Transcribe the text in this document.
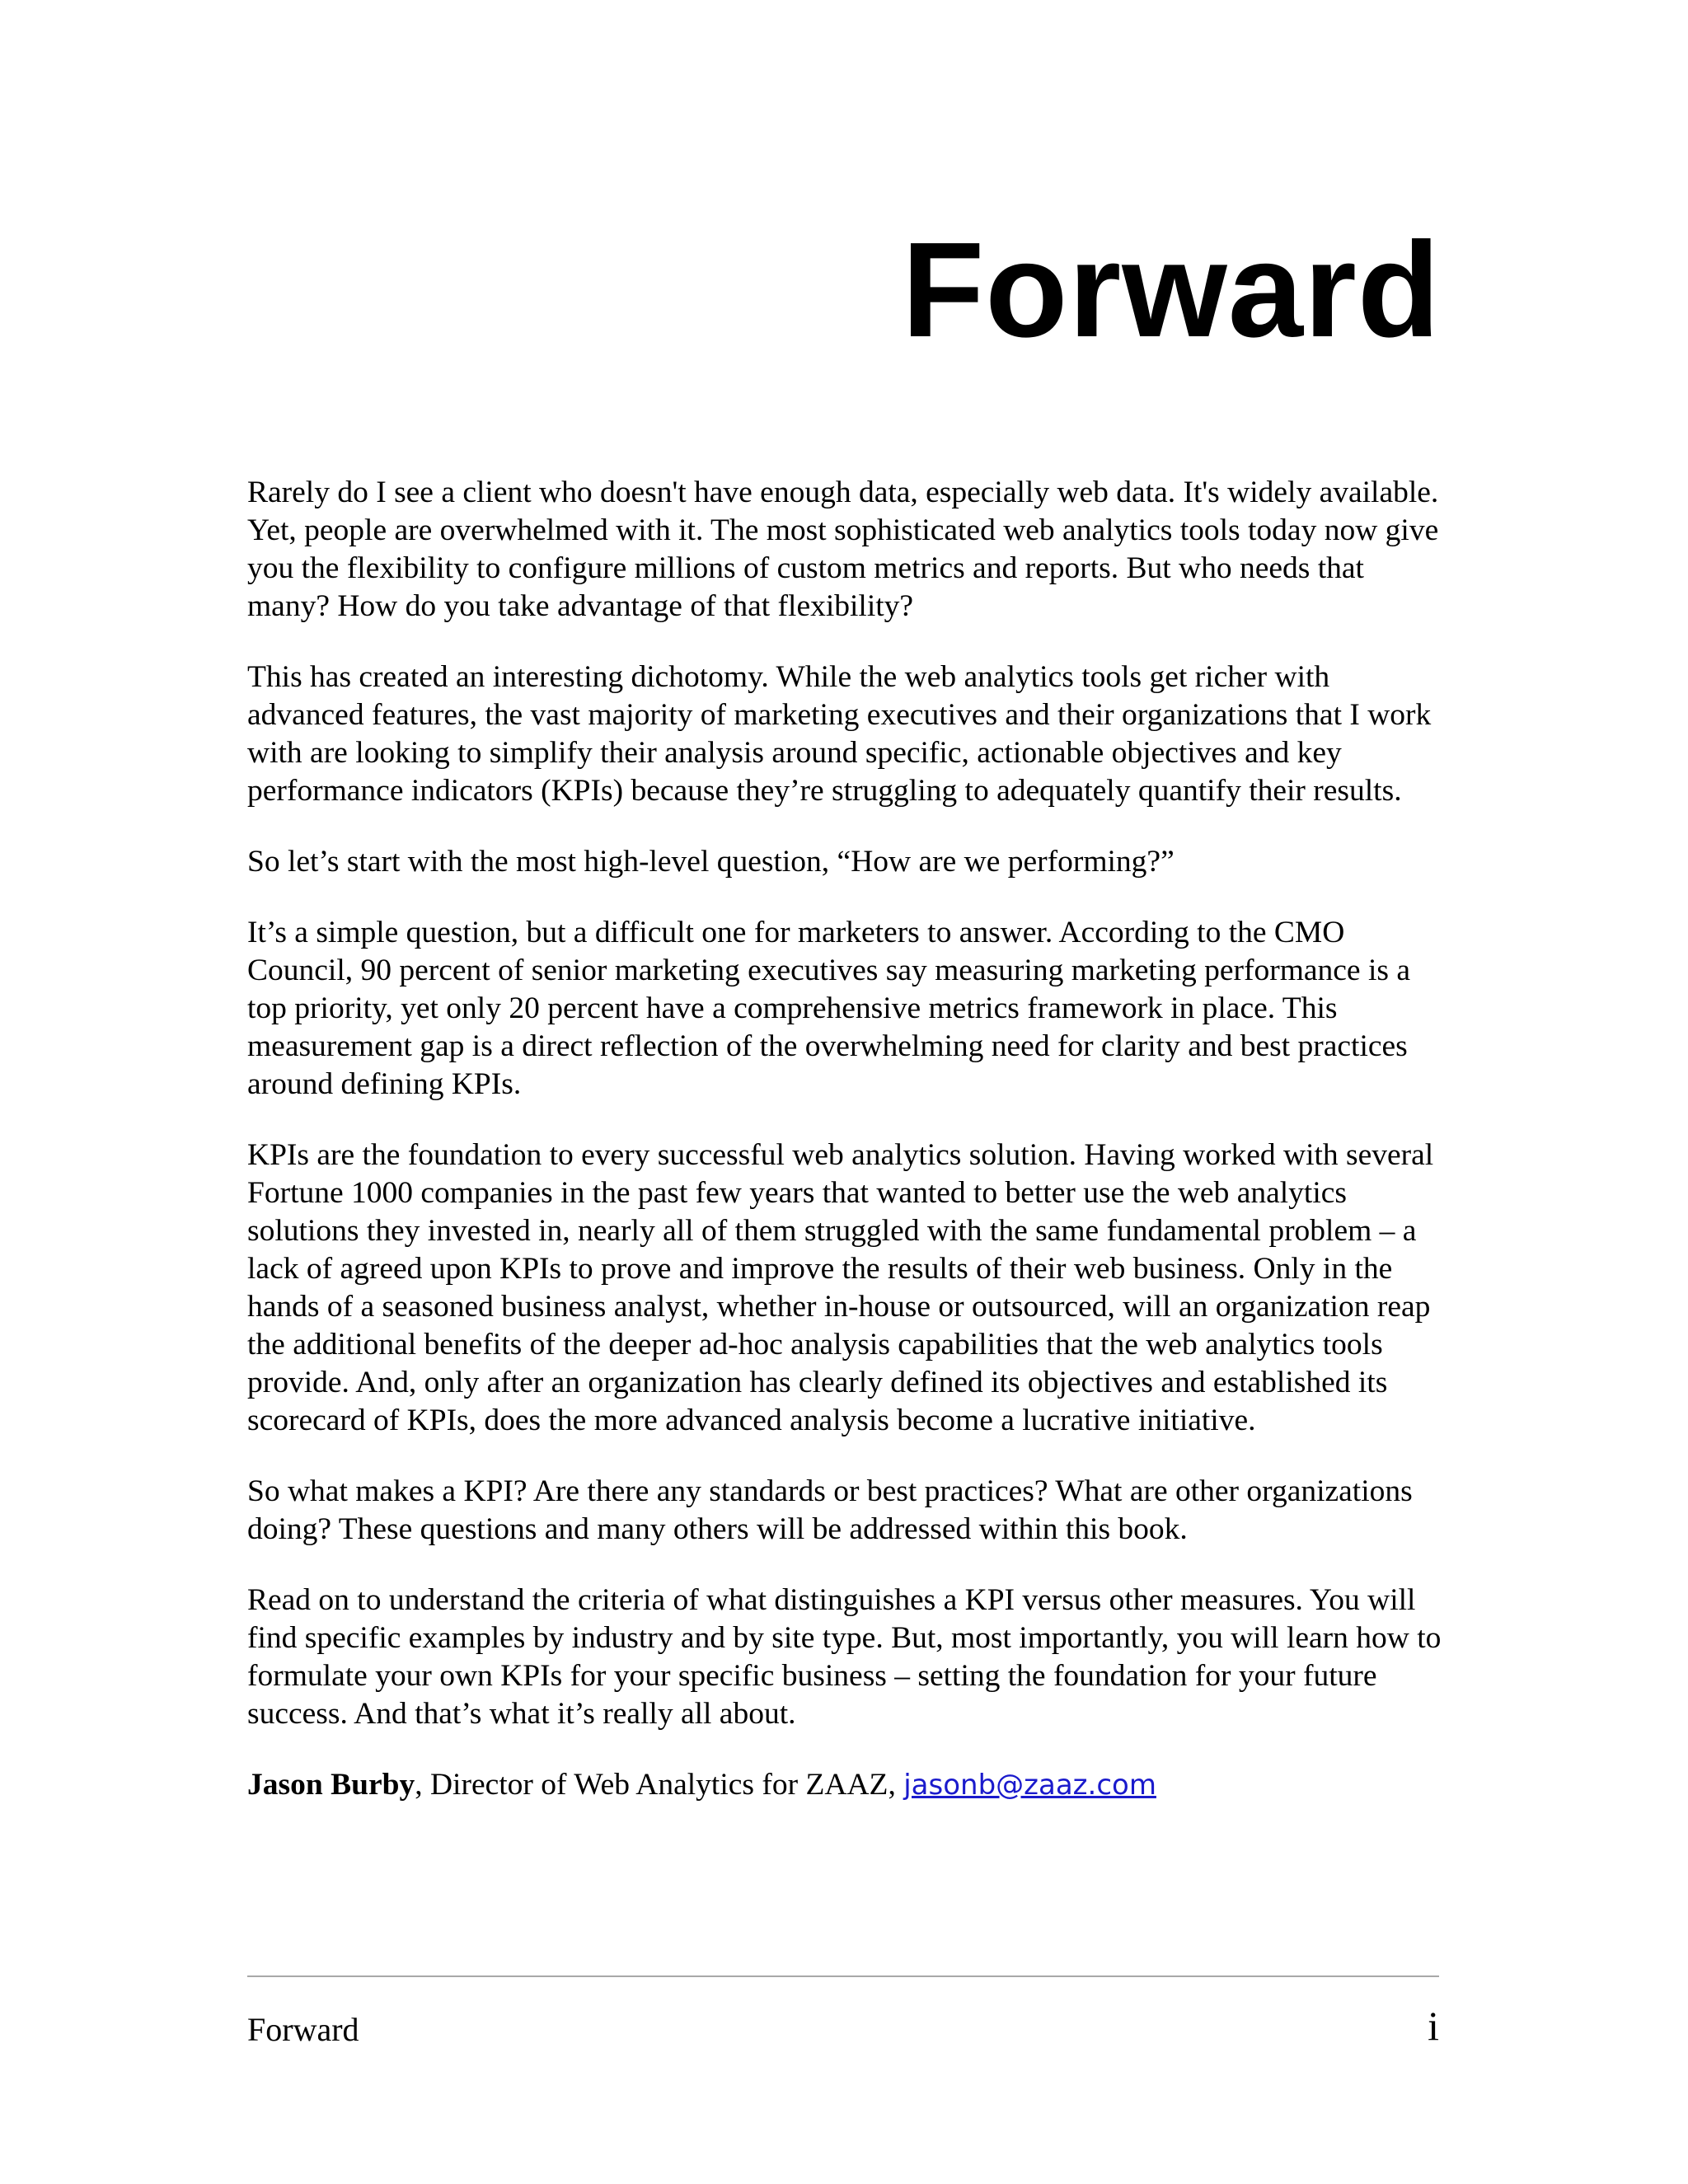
Forward

Rarely do I see a client who doesn't have enough data, especially web data. It's widely available. Yet, people are overwhelmed with it. The most sophisticated web analytics tools today now give you the flexibility to configure millions of custom metrics and reports. But who needs that many? How do you take advantage of that flexibility?

This has created an interesting dichotomy. While the web analytics tools get richer with advanced features, the vast majority of marketing executives and their organizations that I work with are looking to simplify their analysis around specific, actionable objectives and key performance indicators (KPIs) because they’re struggling to adequately quantify their results.

So let’s start with the most high-level question, “How are we performing?”

It’s a simple question, but a difficult one for marketers to answer. According to the CMO Council, 90 percent of senior marketing executives say measuring marketing performance is a top priority, yet only 20 percent have a comprehensive metrics framework in place. This measurement gap is a direct reflection of the overwhelming need for clarity and best practices around defining KPIs.

KPIs are the foundation to every successful web analytics solution. Having worked with several Fortune 1000 companies in the past few years that wanted to better use the web analytics solutions they invested in, nearly all of them struggled with the same fundamental problem – a lack of agreed upon KPIs to prove and improve the results of their web business. Only in the hands of a seasoned business analyst, whether in-house or outsourced, will an organization reap the additional benefits of the deeper ad-hoc analysis capabilities that the web analytics tools provide. And, only after an organization has clearly defined its objectives and established its scorecard of KPIs, does the more advanced analysis become a lucrative initiative.

So what makes a KPI? Are there any standards or best practices? What are other organizations doing? These questions and many others will be addressed within this book.

Read on to understand the criteria of what distinguishes a KPI versus other measures. You will find specific examples by industry and by site type. But, most importantly, you will learn how to formulate your own KPIs for your specific business – setting the foundation for your future success. And that’s what it’s really all about.

Jason Burby, Director of Web Analytics for ZAAZ, jasonb@zaaz.com

Forward	i
